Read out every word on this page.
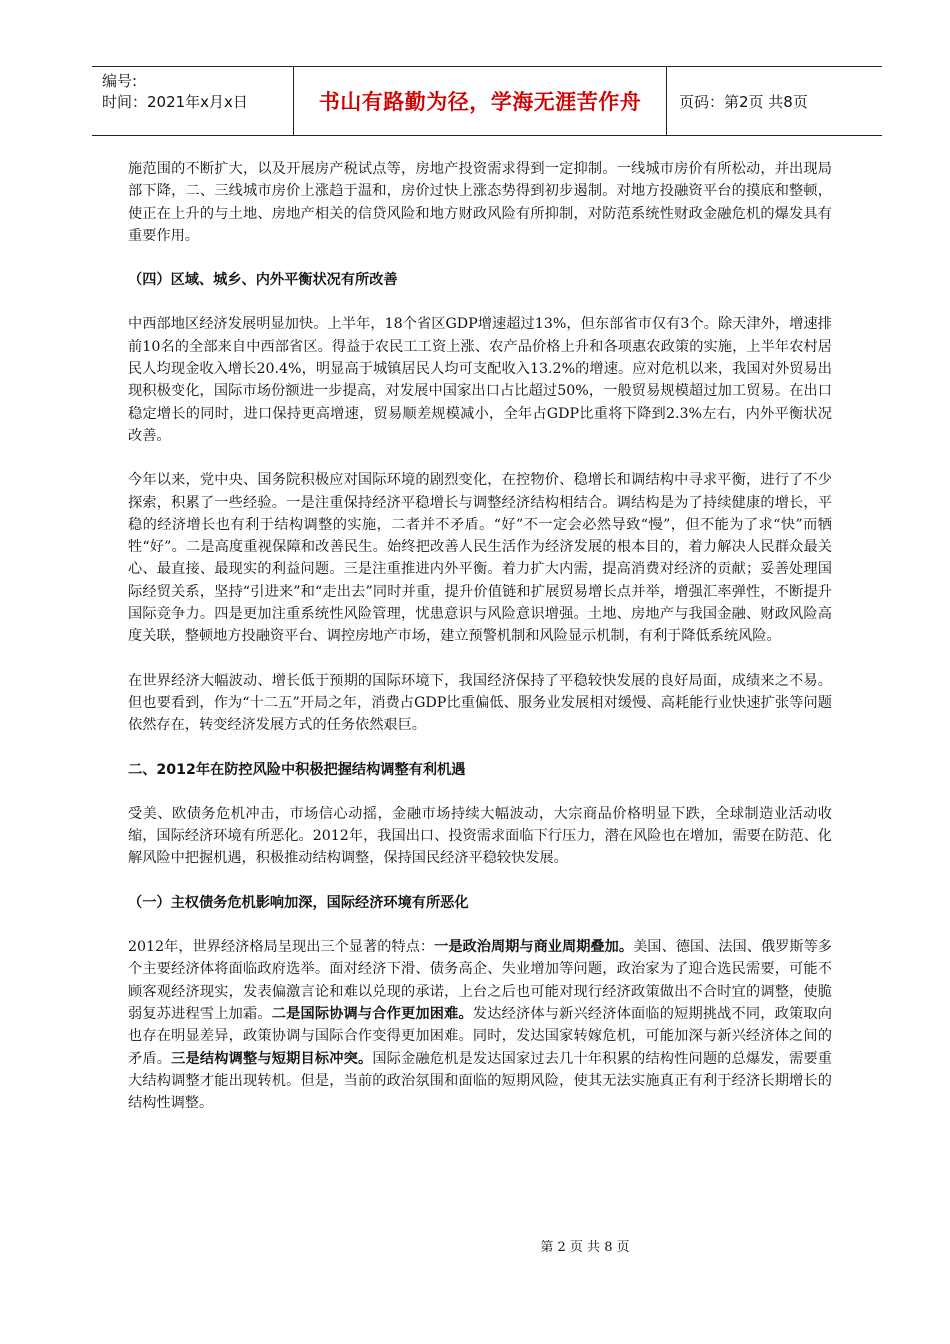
编号:
时间：2021年x月x日	书山有路勤为径，学海无涯苦作舟	页码：第2页 共8页

施范围的不断扩大，以及开展房产税试点等，房地产投资需求得到一定抑制。一线城市房价有所松动，并出现局部下降，二、三线城市房价上涨趋于温和，房价过快上涨态势得到初步遏制。对地方投融资平台的摸底和整顿，使正在上升的与土地、房地产相关的信贷风险和地方财政风险有所抑制，对防范系统性财政金融危机的爆发具有重要作用。

（四）区域、城乡、内外平衡状况有所改善

中西部地区经济发展明显加快。上半年，18个省区GDP增速超过13%，但东部省市仅有3个。除天津外，增速排前10名的全部来自中西部省区。得益于农民工工资上涨、农产品价格上升和各项惠农政策的实施，上半年农村居民人均现金收入增长20.4%，明显高于城镇居民人均可支配收入13.2%的增速。应对危机以来，我国对外贸易出现积极变化，国际市场份额进一步提高，对发展中国家出口占比超过50%，一般贸易规模超过加工贸易。在出口稳定增长的同时，进口保持更高增速，贸易顺差规模减小，全年占GDP比重将下降到2.3%左右，内外平衡状况改善。

今年以来，党中央、国务院积极应对国际环境的剧烈变化，在控物价、稳增长和调结构中寻求平衡，进行了不少探索，积累了一些经验。一是注重保持经济平稳增长与调整经济结构相结合。调结构是为了持续健康的增长，平稳的经济增长也有利于结构调整的实施，二者并不矛盾。“好”不一定会必然导致“慢”，但不能为了求“快”而牺牲“好”。二是高度重视保障和改善民生。始终把改善人民生活作为经济发展的根本目的，着力解决人民群众最关心、最直接、最现实的利益问题。三是注重推进内外平衡。着力扩大内需，提高消费对经济的贡献；妥善处理国际经贸关系，坚持“引进来”和“走出去”同时并重，提升价值链和扩展贸易增长点并举，增强汇率弹性，不断提升国际竞争力。四是更加注重系统性风险管理，忧患意识与风险意识增强。土地、房地产与我国金融、财政风险高度关联，整顿地方投融资平台、调控房地产市场，建立预警机制和风险显示机制，有利于降低系统风险。

在世界经济大幅波动、增长低于预期的国际环境下，我国经济保持了平稳较快发展的良好局面，成绩来之不易。但也要看到，作为“十二五”开局之年，消费占GDP比重偏低、服务业发展相对缓慢、高耗能行业快速扩张等问题依然存在，转变经济发展方式的任务依然艰巨。

二、2012年在防控风险中积极把握结构调整有利机遇

受美、欧债务危机冲击，市场信心动摇，金融市场持续大幅波动，大宗商品价格明显下跌，全球制造业活动收缩，国际经济环境有所恶化。2012年，我国出口、投资需求面临下行压力，潜在风险也在增加，需要在防范、化解风险中把握机遇，积极推动结构调整，保持国民经济平稳较快发展。

（一）主权债务危机影响加深，国际经济环境有所恶化

2012年，世界经济格局呈现出三个显著的特点：一是政治周期与商业周期叠加。美国、德国、法国、俄罗斯等多个主要经济体将面临政府选举。面对经济下滑、债务高企、失业增加等问题，政治家为了迎合选民需要，可能不顾客观经济现实，发表偏激言论和难以兑现的承诺，上台之后也可能对现行经济政策做出不合时宜的调整，使脆弱复苏进程雪上加霜。二是国际协调与合作更加困难。发达经济体与新兴经济体面临的短期挑战不同，政策取向也存在明显差异，政策协调与国际合作变得更加困难。同时，发达国家转嫁危机，可能加深与新兴经济体之间的矛盾。三是结构调整与短期目标冲突。国际金融危机是发达国家过去几十年积累的结构性问题的总爆发，需要重大结构调整才能出现转机。但是，当前的政治氛围和面临的短期风险，使其无法实施真正有利于经济长期增长的结构性调整。

第 2 页 共 8 页
